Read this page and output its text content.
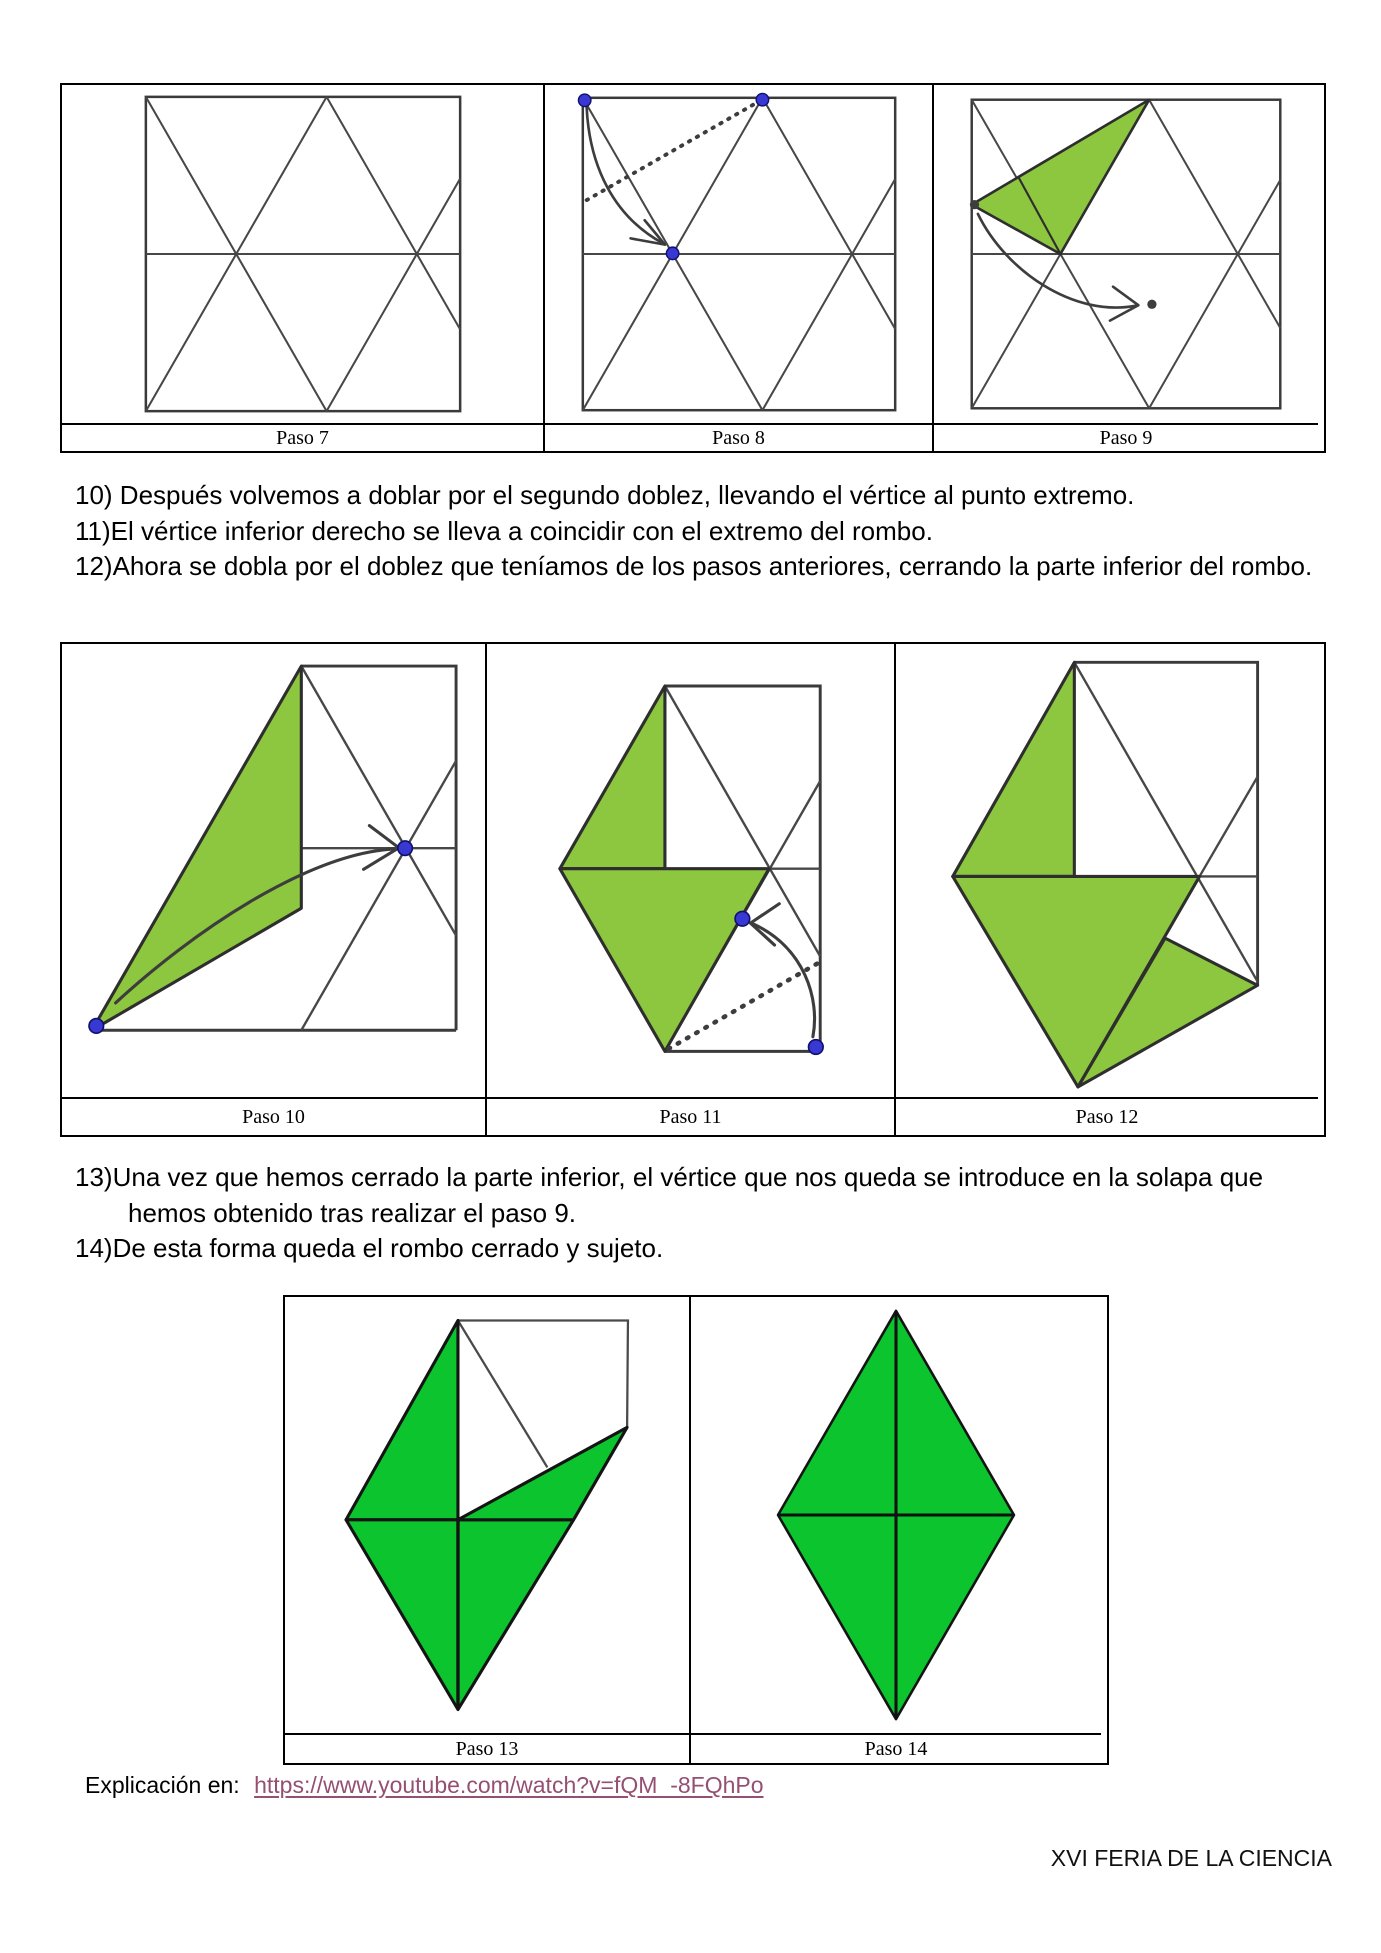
Paso 7	Paso 8	Paso 9
10) Después volvemos a doblar por el segundo doblez, llevando el vértice al punto extremo.
11)El vértice inferior derecho se lleva a coincidir con el extremo del rombo.
12)Ahora se dobla por el doblez que teníamos de los pasos anteriores, cerrando la parte inferior del rombo.
Paso 10	Paso 11	Paso 12
13)Una vez que hemos cerrado la parte inferior, el vértice que nos queda se introduce en la solapa que hemos obtenido tras realizar el paso 9.
14)De esta forma queda el rombo cerrado y sujeto.
Paso 13	Paso 14
Explicación en: https://www.youtube.com/watch?v=fQM_-8FQhPo
XVI FERIA DE LA CIENCIA
